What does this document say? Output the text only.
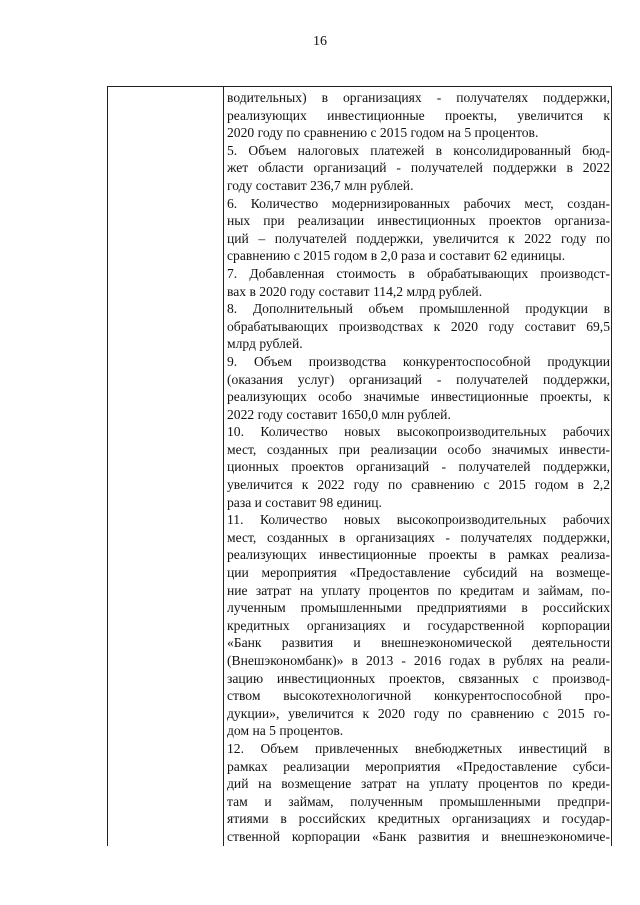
16
водительных) в организациях - получателях поддержки,
реализующих инвестиционные проекты, увеличится к
2020 году по сравнению с 2015 годом на 5 процентов.
5. Объем налоговых платежей в консолидированный бюд-
жет области организаций - получателей поддержки в 2022
году составит 236,7 млн рублей.
6. Количество модернизированных рабочих мест, создан-
ных при реализации инвестиционных проектов организа-
ций – получателей поддержки, увеличится к 2022 году по
сравнению с 2015 годом в 2,0 раза и составит 62 единицы.
7. Добавленная стоимость в обрабатывающих производст-
вах в 2020 году составит 114,2 млрд рублей.
8. Дополнительный объем промышленной продукции в
обрабатывающих производствах к 2020 году составит 69,5
млрд рублей.
9. Объем производства конкурентоспособной продукции
(оказания услуг) организаций - получателей поддержки,
реализующих особо значимые инвестиционные проекты, к
2022 году составит 1650,0 млн рублей.
10. Количество новых высокопроизводительных рабочих
мест, созданных при реализации особо значимых инвести-
ционных проектов организаций - получателей поддержки,
увеличится к 2022 году по сравнению с 2015 годом в 2,2
раза и составит 98 единиц.
11. Количество новых высокопроизводительных рабочих
мест, созданных в организациях - получателях поддержки,
реализующих инвестиционные проекты в рамках реализа-
ции мероприятия «Предоставление субсидий на возмеще-
ние затрат на уплату процентов по кредитам и займам, по-
лученным промышленными предприятиями в российских
кредитных организациях и государственной корпорации
«Банк развития и внешнеэкономической деятельности
(Внешэкономбанк)» в 2013 - 2016 годах в рублях на реали-
зацию инвестиционных проектов, связанных с производ-
ством высокотехнологичной конкурентоспособной про-
дукции», увеличится к 2020 году по сравнению с 2015 го-
дом на 5 процентов.
12. Объем привлеченных внебюджетных инвестиций в
рамках реализации мероприятия «Предоставление субси-
дий на возмещение затрат на уплату процентов по креди-
там и займам, полученным промышленными предпри-
ятиями в российских кредитных организациях и государ-
ственной корпорации «Банк развития и внешнеэкономиче-
